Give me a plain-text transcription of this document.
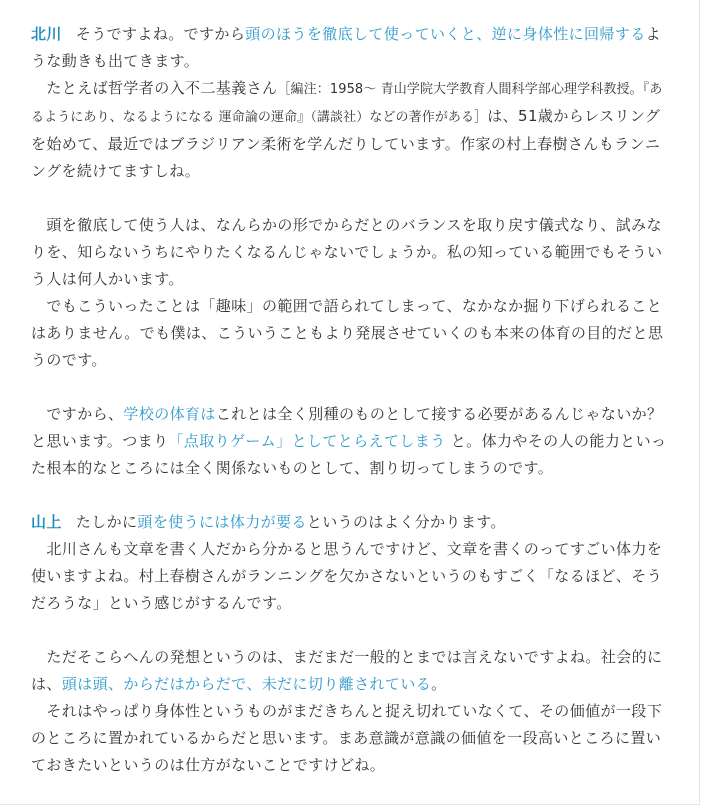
北川 そうですよね。ですから頭のほうを徹底して使っていくと、逆に身体性に回帰するような動きも出てきます。

　たとえば哲学者の入不二基義さん［編注：1958〜 青山学院大学教育人間科学部心理学科教授。『あるようにあり、なるようになる 運命論の運命』（講談社）などの著作がある］は、51歳からレスリングを始めて、最近ではブラジリアン柔術を学んだりしています。作家の村上春樹さんもランニングを続けてますしね。

　頭を徹底して使う人は、なんらかの形でからだとのバランスを取り戻す儀式なり、試みなりを、知らないうちにやりたくなるんじゃないでしょうか。私の知っている範囲でもそういう人は何人かいます。

　でもこういったことは「趣味」の範囲で語られてしまって、なかなか掘り下げられることはありません。でも僕は、こういうこともより発展させていくのも本来の体育の目的だと思うのです。

　ですから、学校の体育はこれとは全く別種のものとして接する必要があるんじゃないか？　と思います。つまり「点取りゲーム」としてとらえてしまう と。体力やその人の能力といった根本的なところには全く関係ないものとして、割り切ってしまうのです。

山上 たしかに頭を使うには体力が要るというのはよく分かります。

　北川さんも文章を書く人だから分かると思うんですけど、文章を書くのってすごい体力を使いますよね。村上春樹さんがランニングを欠かさないというのもすごく「なるほど、そうだろうな」という感じがするんです。

　ただそこらへんの発想というのは、まだまだ一般的とまでは言えないですよね。社会的には、頭は頭、からだはからだで、未だに切り離されている。

　それはやっぱり身体性というものがまだきちんと捉え切れていなくて、その価値が一段下のところに置かれているからだと思います。まあ意識が意識の価値を一段高いところに置いておきたいというのは仕方がないことですけどね。
